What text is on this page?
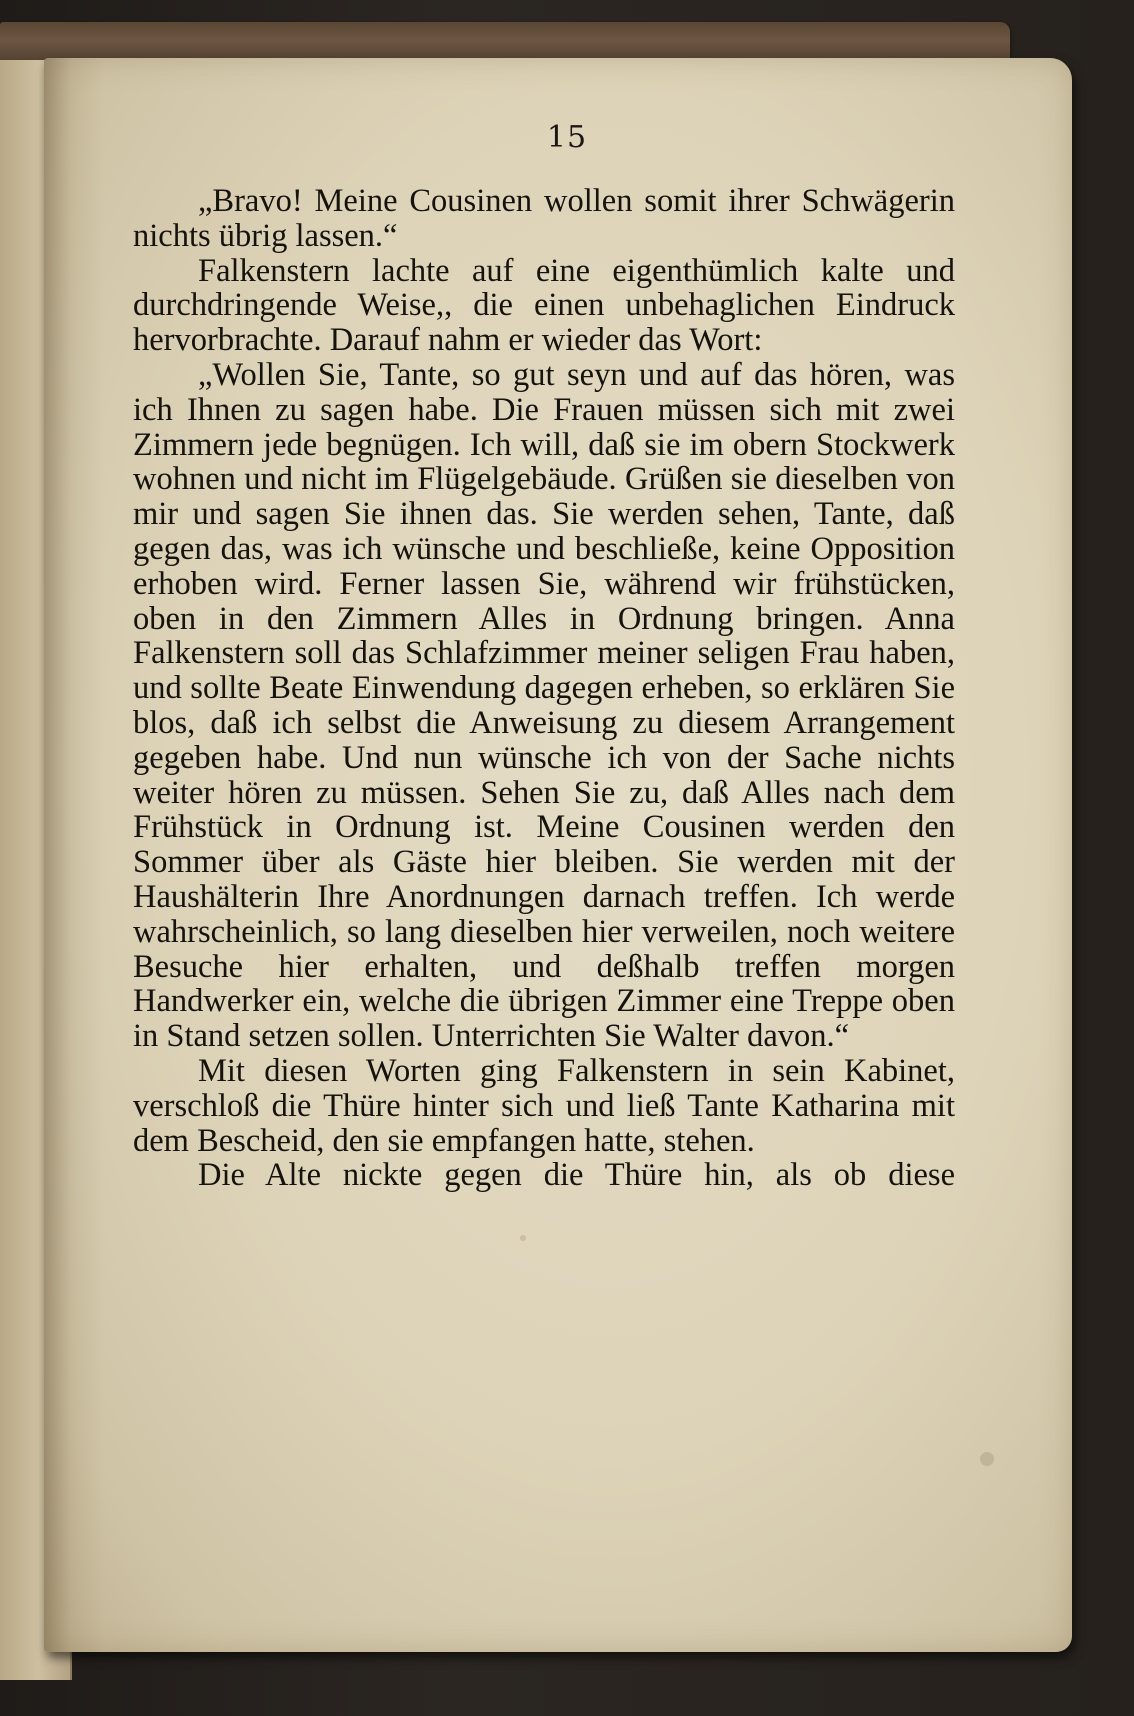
15

„Bravo! Meine Cousinen wollen somit ihrer Schwägerin nichts übrig lassen.“

Falkenstern lachte auf eine eigenthümlich kalte und durchdringende Weise,, die einen unbehaglichen Eindruck hervorbrachte. Darauf nahm er wieder das Wort:

„Wollen Sie, Tante, so gut seyn und auf das hören, was ich Ihnen zu sagen habe. Die Frauen müssen sich mit zwei Zimmern jede begnügen. Ich will, daß sie im obern Stockwerk wohnen und nicht im Flügelgebäude. Grüßen sie dieselben von mir und sagen Sie ihnen das. Sie werden sehen, Tante, daß gegen das, was ich wünsche und beschließe, keine Opposition erhoben wird. Ferner lassen Sie, während wir frühstücken, oben in den Zimmern Alles in Ordnung bringen. Anna Falkenstern soll das Schlafzimmer meiner seligen Frau haben, und sollte Beate Einwendung dagegen erheben, so erklären Sie blos, daß ich selbst die Anweisung zu diesem Arrangement gegeben habe. Und nun wünsche ich von der Sache nichts weiter hören zu müssen. Sehen Sie zu, daß Alles nach dem Frühstück in Ordnung ist. Meine Cousinen werden den Sommer über als Gäste hier bleiben. Sie werden mit der Haushälterin Ihre Anordnungen darnach treffen. Ich werde wahrscheinlich, so lang dieselben hier verweilen, noch weitere Besuche hier erhalten, und deßhalb treffen morgen Handwerker ein, welche die übrigen Zimmer eine Treppe oben in Stand setzen sollen. Unterrichten Sie Walter davon.“

Mit diesen Worten ging Falkenstern in sein Kabinet, verschloß die Thüre hinter sich und ließ Tante Katharina mit dem Bescheid, den sie empfangen hatte, stehen.

Die Alte nickte gegen die Thüre hin, als ob diese
